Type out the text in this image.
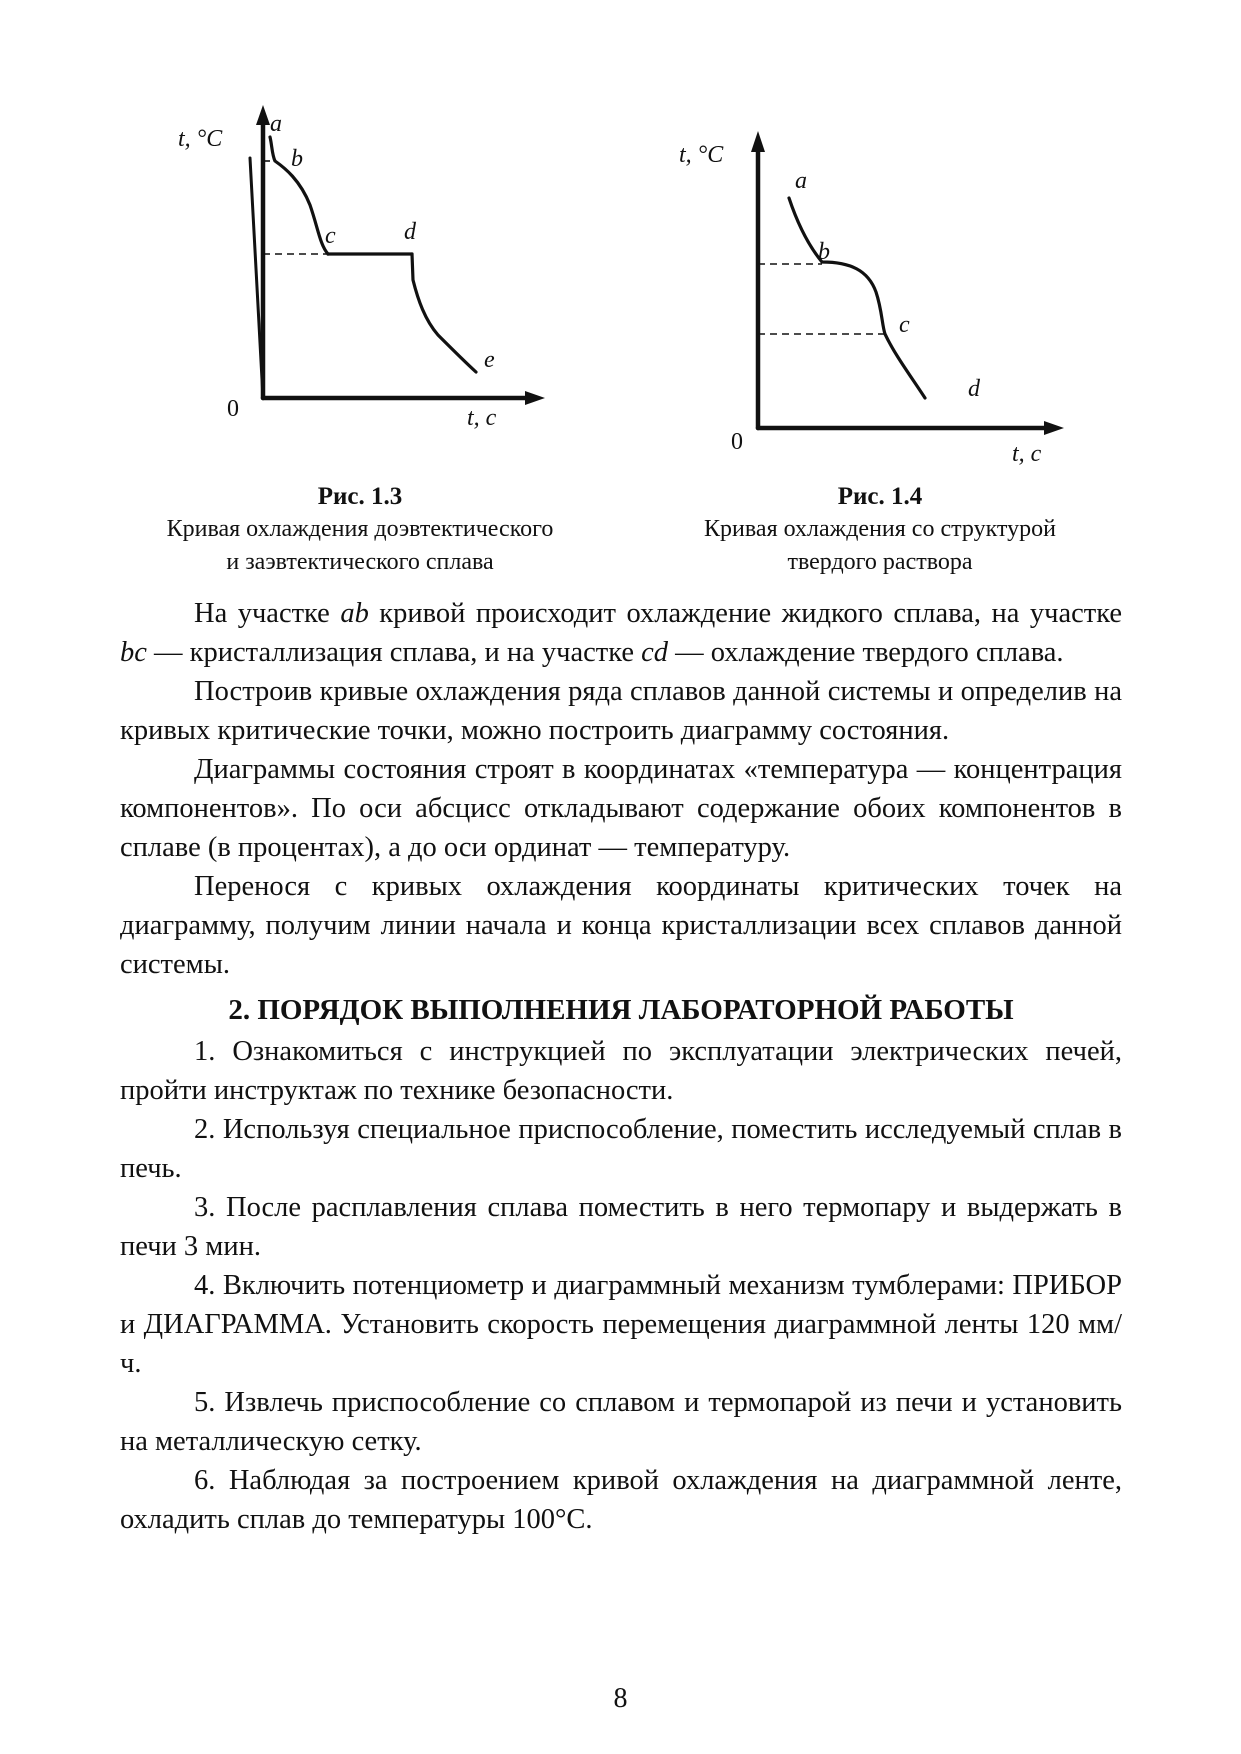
t, °C
0	t, c
a
b
c	d
e
t, °C
0	t, c
a
b
c
d
Рис. 1.3
Кривая охлаждения доэвтектического
и заэвтектического сплава
Рис. 1.4
Кривая охлаждения со структурой
твердого раствора

На участке ab кривой происходит охлаждение жидкого сплава, на участке bc — кристаллизация сплава, и на участке cd — охлаждение твердого сплава.

Построив кривые охлаждения ряда сплавов данной системы и определив на кривых критические точки, можно построить диаграмму состояния.

Диаграммы состояния строят в координатах «температура — концентрация компонентов». По оси абсцисс откладывают содержание обоих компонентов в сплаве (в процентах), а до оси ординат — температуру.

Перенося с кривых охлаждения координаты критических точек на диаграмму, получим линии начала и конца кристаллизации всех сплавов данной системы.

2. ПОРЯДОК ВЫПОЛНЕНИЯ ЛАБОРАТОРНОЙ РАБОТЫ

1. Ознакомиться с инструкцией по эксплуатации электрических печей, пройти инструктаж по технике безопасности.

2. Используя специальное приспособление, поместить исследуемый сплав в печь.

3. После расплавления сплава поместить в него термопару и выдержать в печи 3 мин.

4. Включить потенциометр и диаграммный механизм тумблерами: ПРИБОР и ДИАГРАММА. Установить скорость перемещения диаграммной ленты 120 мм/ч.

5. Извлечь приспособление со сплавом и термопарой из печи и установить на металлическую сетку.

6. Наблюдая за построением кривой охлаждения на диаграммной ленте, охладить сплав до температуры 100°С.

8
